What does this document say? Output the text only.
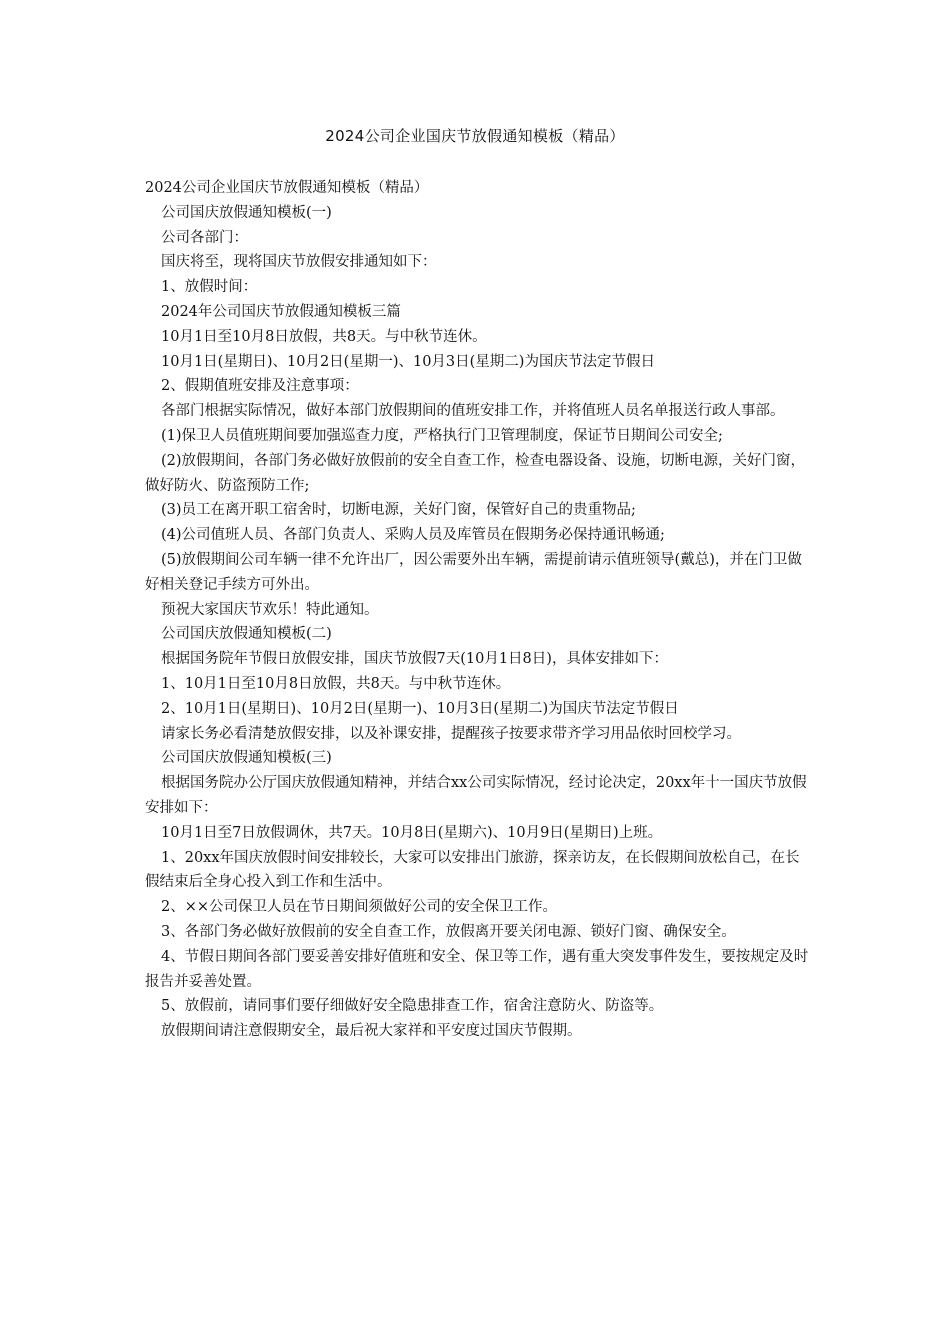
2024公司企业国庆节放假通知模板（精品）

2024公司企业国庆节放假通知模板（精品）

公司国庆放假通知模板(一)

公司各部门：

国庆将至，现将国庆节放假安排通知如下：

1、放假时间：

2024年公司国庆节放假通知模板三篇

10月1日至10月8日放假，共8天。与中秋节连休。

10月1日(星期日)、10月2日(星期一)、10月3日(星期二)为国庆节法定节假日

2、假期值班安排及注意事项：

各部门根据实际情况，做好本部门放假期间的值班安排工作，并将值班人员名单报送行政人事部。

(1)保卫人员值班期间要加强巡查力度，严格执行门卫管理制度，保证节日期间公司安全;

(2)放假期间，各部门务必做好放假前的安全自查工作，检查电器设备、设施，切断电源，关好门窗，做好防火、防盗预防工作;

(3)员工在离开职工宿舍时，切断电源，关好门窗，保管好自己的贵重物品;

(4)公司值班人员、各部门负责人、采购人员及库管员在假期务必保持通讯畅通;

(5)放假期间公司车辆一律不允许出厂，因公需要外出车辆，需提前请示值班领导(戴总)，并在门卫做好相关登记手续方可外出。

预祝大家国庆节欢乐！特此通知。

公司国庆放假通知模板(二)

根据国务院年节假日放假安排，国庆节放假7天(10月1日8日)，具体安排如下：

1、10月1日至10月8日放假，共8天。与中秋节连休。

2、10月1日(星期日)、10月2日(星期一)、10月3日(星期二)为国庆节法定节假日

请家长务必看清楚放假安排，以及补课安排，提醒孩子按要求带齐学习用品依时回校学习。

公司国庆放假通知模板(三)

根据国务院办公厅国庆放假通知精神，并结合xx公司实际情况，经讨论决定，20xx年十一国庆节放假安排如下：

10月1日至7日放假调休，共7天。10月8日(星期六)、10月9日(星期日)上班。

1、20xx年国庆放假时间安排较长，大家可以安排出门旅游，探亲访友，在长假期间放松自己，在长假结束后全身心投入到工作和生活中。

2、××公司保卫人员在节日期间须做好公司的安全保卫工作。

3、各部门务必做好放假前的安全自查工作，放假离开要关闭电源、锁好门窗、确保安全。

4、节假日期间各部门要妥善安排好值班和安全、保卫等工作，遇有重大突发事件发生，要按规定及时报告并妥善处置。

5、放假前，请同事们要仔细做好安全隐患排查工作，宿舍注意防火、防盗等。

放假期间请注意假期安全，最后祝大家祥和平安度过国庆节假期。
